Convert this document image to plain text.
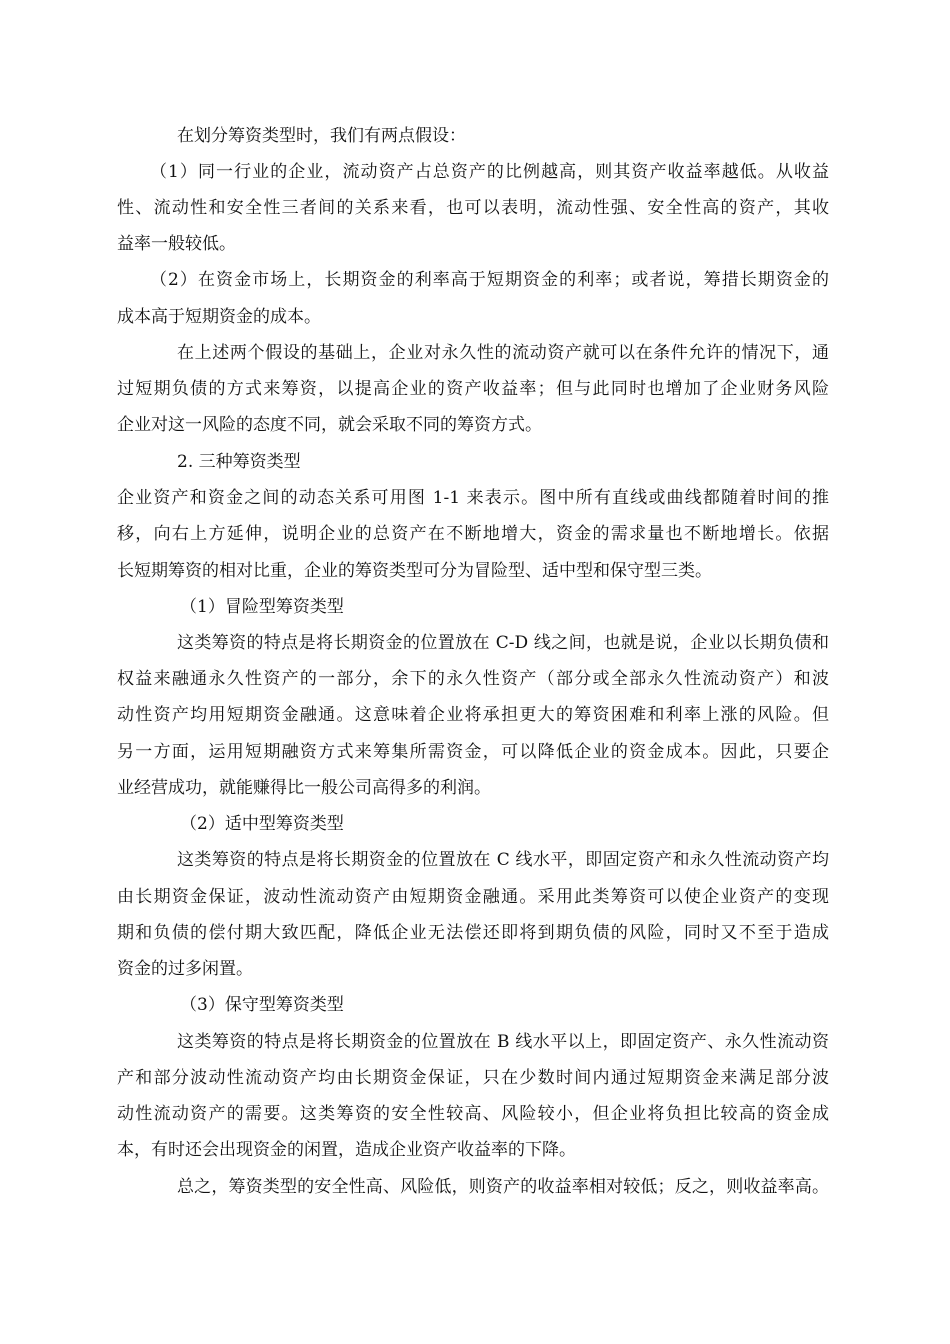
在划分筹资类型时，我们有两点假设：
（1）同一行业的企业，流动资产占总资产的比例越高，则其资产收益率越低。从收益
性、流动性和安全性三者间的关系来看，也可以表明，流动性强、安全性高的资产，其收
益率一般较低。
（2）在资金市场上，长期资金的利率高于短期资金的利率；或者说，筹措长期资金的
成本高于短期资金的成本。
在上述两个假设的基础上，企业对永久性的流动资产就可以在条件允许的情况下，通
过短期负债的方式来筹资，以提高企业的资产收益率；但与此同时也增加了企业财务风险
企业对这一风险的态度不同，就会采取不同的筹资方式。
2. 三种筹资类型
企业资产和资金之间的动态关系可用图 1-1 来表示。图中所有直线或曲线都随着时间的推
移，向右上方延伸，说明企业的总资产在不断地增大，资金的需求量也不断地增长。依据
长短期筹资的相对比重，企业的筹资类型可分为冒险型、适中型和保守型三类。
（1）冒险型筹资类型
这类筹资的特点是将长期资金的位置放在 C-D 线之间，也就是说，企业以长期负债和
权益来融通永久性资产的一部分，余下的永久性资产（部分或全部永久性流动资产）和波
动性资产均用短期资金融通。这意味着企业将承担更大的筹资困难和利率上涨的风险。但
另一方面，运用短期融资方式来筹集所需资金，可以降低企业的资金成本。因此，只要企
业经营成功，就能赚得比一般公司高得多的利润。
（2）适中型筹资类型
这类筹资的特点是将长期资金的位置放在 C 线水平，即固定资产和永久性流动资产均
由长期资金保证，波动性流动资产由短期资金融通。采用此类筹资可以使企业资产的变现
期和负债的偿付期大致匹配，降低企业无法偿还即将到期负债的风险，同时又不至于造成
资金的过多闲置。
（3）保守型筹资类型
这类筹资的特点是将长期资金的位置放在 B 线水平以上，即固定资产、永久性流动资
产和部分波动性流动资产均由长期资金保证，只在少数时间内通过短期资金来满足部分波
动性流动资产的需要。这类筹资的安全性较高、风险较小，但企业将负担比较高的资金成
本，有时还会出现资金的闲置，造成企业资产收益率的下降。
总之，筹资类型的安全性高、风险低，则资产的收益率相对较低；反之，则收益率高。
